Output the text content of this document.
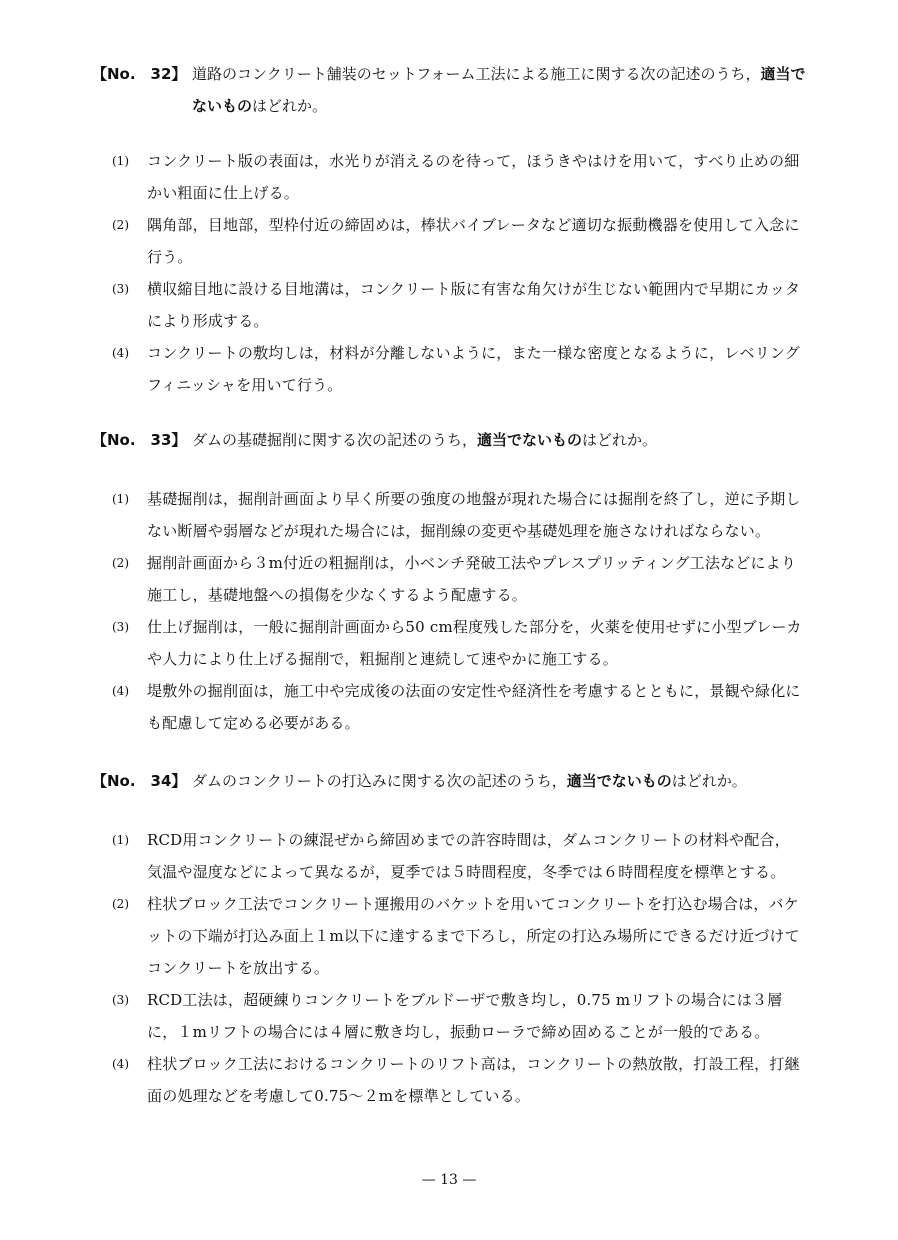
【No.　32】 道路のコンクリート舗装のセットフォーム工法による施工に関する次の記述のうち，適当でないものはどれか。
(1) コンクリート版の表面は，水光りが消えるのを待って，ほうきやはけを用いて，すべり止めの細かい粗面に仕上げる。
(2) 隅角部，目地部，型枠付近の締固めは，棒状バイブレータなど適切な振動機器を使用して入念に行う。
(3) 横収縮目地に設ける目地溝は，コンクリート版に有害な角欠けが生じない範囲内で早期にカッタにより形成する。
(4) コンクリートの敷均しは，材料が分離しないように，また一様な密度となるように，レベリングフィニッシャを用いて行う。
【No.　33】 ダムの基礎掘削に関する次の記述のうち，適当でないものはどれか。
(1) 基礎掘削は，掘削計画面より早く所要の強度の地盤が現れた場合には掘削を終了し，逆に予期しない断層や弱層などが現れた場合には，掘削線の変更や基礎処理を施さなければならない。
(2) 掘削計画面から３m付近の粗掘削は，小ベンチ発破工法やプレスプリッティング工法などにより施工し，基礎地盤への損傷を少なくするよう配慮する。
(3) 仕上げ掘削は，一般に掘削計画面から50 cm程度残した部分を，火薬を使用せずに小型ブレーカや人力により仕上げる掘削で，粗掘削と連続して速やかに施工する。
(4) 堤敷外の掘削面は，施工中や完成後の法面の安定性や経済性を考慮するとともに，景観や緑化にも配慮して定める必要がある。
【No.　34】 ダムのコンクリートの打込みに関する次の記述のうち，適当でないものはどれか。
(1) RCD用コンクリートの練混ぜから締固めまでの許容時間は，ダムコンクリートの材料や配合，気温や湿度などによって異なるが，夏季では５時間程度，冬季では６時間程度を標準とする。
(2) 柱状ブロック工法でコンクリート運搬用のバケットを用いてコンクリートを打込む場合は，バケットの下端が打込み面上１m以下に達するまで下ろし，所定の打込み場所にできるだけ近づけてコンクリートを放出する。
(3) RCD工法は，超硬練りコンクリートをブルドーザで敷き均し，0.75 mリフトの場合には３層に，１mリフトの場合には４層に敷き均し，振動ローラで締め固めることが一般的である。
(4) 柱状ブロック工法におけるコンクリートのリフト高は，コンクリートの熱放散，打設工程，打継面の処理などを考慮して0.75〜２mを標準としている。
— 13 —
